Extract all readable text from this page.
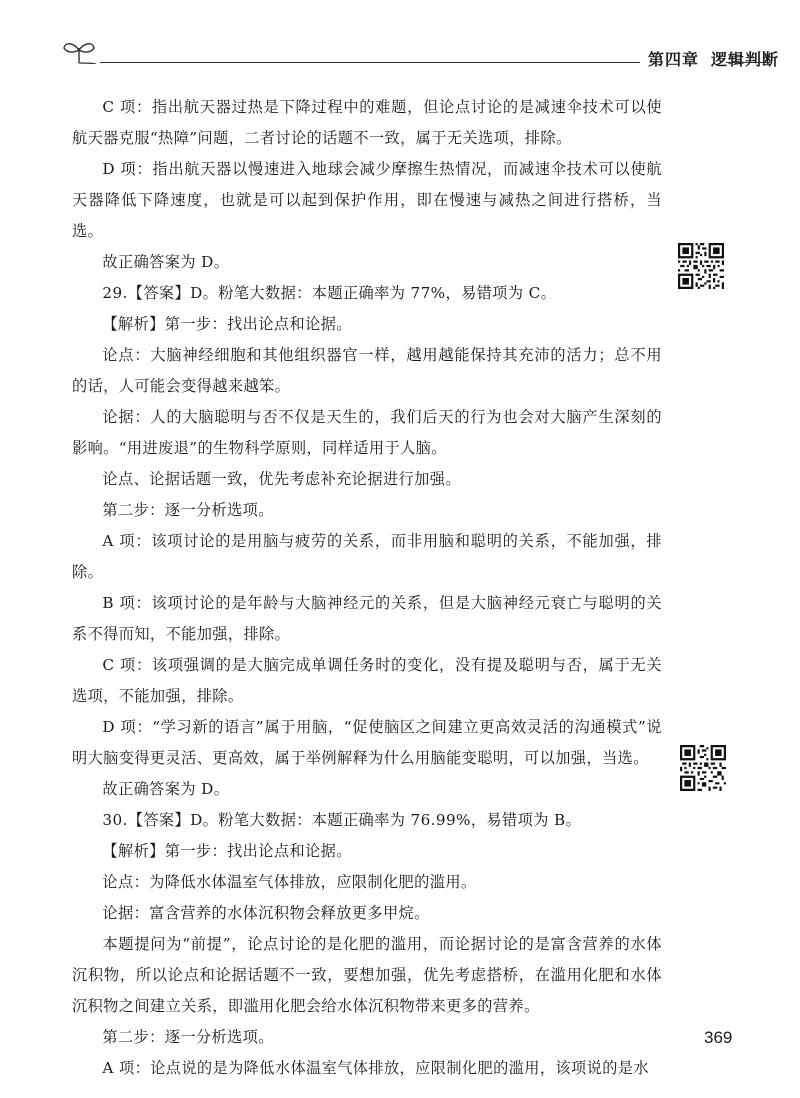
第四章 逻辑判断

C 项：指出航天器过热是下降过程中的难题，但论点讨论的是减速伞技术可以使航天器克服“热障”问题，二者讨论的话题不一致，属于无关选项，排除。

D 项：指出航天器以慢速进入地球会减少摩擦生热情况，而减速伞技术可以使航天器降低下降速度，也就是可以起到保护作用，即在慢速与减热之间进行搭桥，当选。

故正确答案为 D。

29.【答案】D。粉笔大数据：本题正确率为 77%，易错项为 C。

【解析】第一步：找出论点和论据。

论点：大脑神经细胞和其他组织器官一样，越用越能保持其充沛的活力；总不用的话，人可能会变得越来越笨。

论据：人的大脑聪明与否不仅是天生的，我们后天的行为也会对大脑产生深刻的影响。“用进废退”的生物科学原则，同样适用于人脑。

论点、论据话题一致，优先考虑补充论据进行加强。

第二步：逐一分析选项。

A 项：该项讨论的是用脑与疲劳的关系，而非用脑和聪明的关系，不能加强，排除。

B 项：该项讨论的是年龄与大脑神经元的关系，但是大脑神经元衰亡与聪明的关系不得而知，不能加强，排除。

C 项：该项强调的是大脑完成单调任务时的变化，没有提及聪明与否，属于无关选项，不能加强，排除。

D 项：“学习新的语言”属于用脑，“促使脑区之间建立更高效灵活的沟通模式”说明大脑变得更灵活、更高效，属于举例解释为什么用脑能变聪明，可以加强，当选。

故正确答案为 D。

30.【答案】D。粉笔大数据：本题正确率为 76.99%，易错项为 B。

【解析】第一步：找出论点和论据。

论点：为降低水体温室气体排放，应限制化肥的滥用。

论据：富含营养的水体沉积物会释放更多甲烷。

本题提问为“前提”，论点讨论的是化肥的滥用，而论据讨论的是富含营养的水体沉积物，所以论点和论据话题不一致，要想加强，优先考虑搭桥，在滥用化肥和水体沉积物之间建立关系，即滥用化肥会给水体沉积物带来更多的营养。

第二步：逐一分析选项。

A 项：论点说的是为降低水体温室气体排放，应限制化肥的滥用，该项说的是水

369
